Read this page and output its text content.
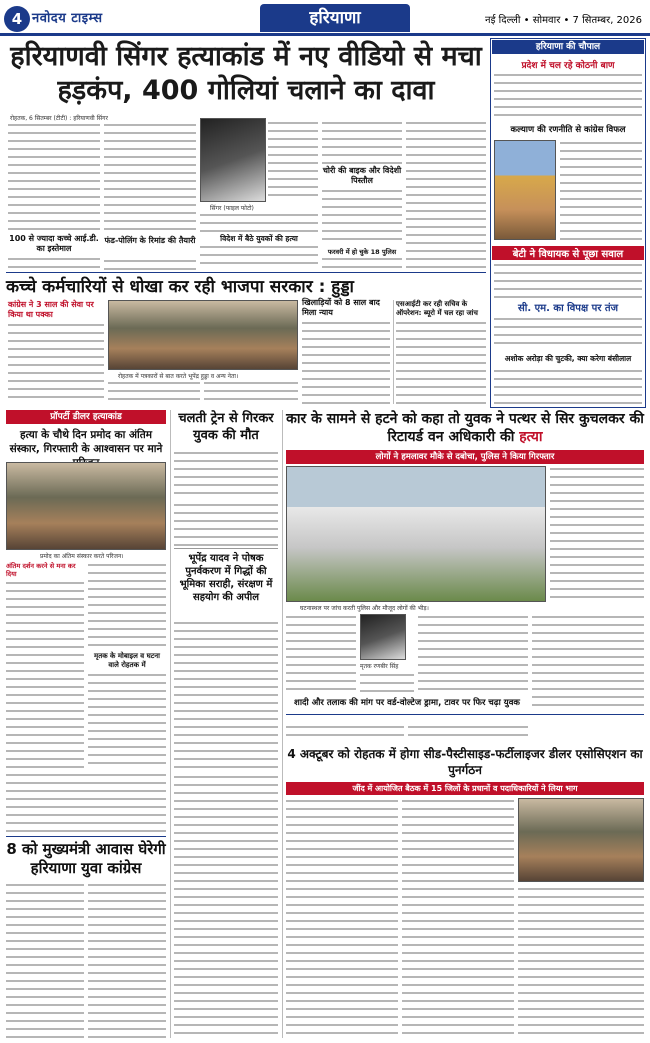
4 नवोदय टाइम्स	हरियाणा	नई दिल्ली • सोमवार • 7 सितम्बर, 2026
हरियाणवी सिंगर हत्याकांड में नए वीडियो से मचा हड़कंप, 400 गोलियां चलाने का दावा
रोहतक, 6 सितम्बर (टीटी) : हरियाणवी सिंगर
100 से ज्यादा कच्चे आई.डी. का इस्तेमाल
फंड-पोलिंग के रिमांड की तैयारी
सिंगर (फाइल फोटो)
विदेश में बैठे युवकों की हत्या
चोरी की बाइक और विदेशी पिस्तौल
फरवरी में हो चुके 18 पुलिस
कच्चे कर्मचारियों से धोखा कर रही भाजपा सरकार : हुड्डा
कांग्रेस ने 3 साल की सेवा पर किया था पक्का
रोहतक में पत्रकारों से बात करते भूपेंद्र हुड्डा व अन्य नेता।
खिलाड़ियों को 8 साल बाद मिला न्याय
एसआईटी कर रही सचिव के ऑपरेशन: ब्यूरो में चल रहा जांच
हरियाणा की चौपाल
प्रदेश में चल रहे कोठनी बाण
कल्याण की रणनीति से कांग्रेस विफल
बेटी ने विधायक से पूछा सवाल
सी. एम. का विपक्ष पर तंज
अशोक अरोड़ा की चुटकी, क्या करेगा बंसीलाल
प्रॉपर्टी डीलर हत्याकांड
हत्या के चौथे दिन प्रमोद का अंतिम संस्कार, गिरफ्तारी के आश्वासन पर माने
प्रमोद का अंतिम संस्कार करते परिजन।
अंतिम दर्शन करने से मना कर दिया
मृतक के मोबाइल व घटना वाले रोहतक में
8 को मुख्यमंत्री आवास घेरेगी हरियाणा युवा कांग्रेस
चलती ट्रेन से गिरकर युवक की मौत
भूपेंद्र यादव ने पोषक पुनर्वकरण में गिद्धों की भूमिका सराही, संरक्षण में सहयोग की अपील
कार के सामने से हटने को कहा तो युवक ने पत्थर से सिर कुचलकर की रिटायर्ड वन अधिकारी की हत्या
लोगों ने हमलावर मौके से दबोचा, पुलिस ने किया गिरफ्तार
घटनास्थल पर जांच करती पुलिस और मौजूद लोगों की भीड़।
मृतक रणबीर सिंह
शादी और तलाक की मांग पर वर्ड-वोल्टेज ड्रामा, टावर पर फिर चढ़ा युवक
4 अक्टूबर को रोहतक में होगा सीड-पैस्टीसाइड-फर्टीलाइजर डीलर एसोसिएशन का पुनर्गठन
जींद में आयोजित बैठक में 15 जिलों के प्रधानों व पदाधिकारियों ने लिया भाग
